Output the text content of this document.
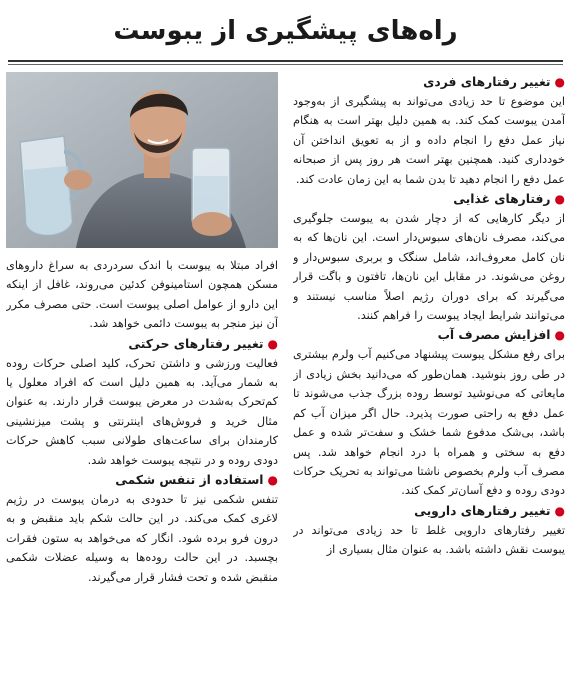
راه‌های پیشگیری از یبوست

●تغییر رفتارهای فردی

این موضوع تا حد زیادی می‌تواند به پیشگیری از به‌وجود آمدن یبوست کمک کند. به همین دلیل بهتر است به هنگام نیاز عمل دفع را انجام داده و از به تعویق انداختن آن خودداری کنید. همچنین بهتر است هر روز پس از صبحانه عمل دفع را انجام دهید تا بدن شما به این زمان عادت کند.

●رفتارهای غذایی

از دیگر کارهایی که از دچار شدن به یبوست جلوگیری می‌کند، مصرف نان‌های سبوس‌دار است. این نان‌ها که به نان کامل معروف‌اند، شامل سنگک و بربری سبوس‌دار و روغن می‌شوند. در مقابل این نان‌ها، تافتون و باگت قرار می‌گیرند که برای دوران رژیم اصلاً مناسب نیستند و می‌توانند شرایط ایجاد یبوست را فراهم کنند.

●افزایش مصرف آب

برای رفع مشکل یبوست پیشنهاد می‌کنیم آب ولرم بیشتری در طی روز بنوشید. همان‌طور که می‌دانید بخش زیادی از مایعاتی که می‌نوشید توسط روده بزرگ جذب می‌شوند تا عمل دفع به راحتی صورت پذیرد. حال اگر میزان آب کم باشد، بی‌شک مدفوع شما خشک و سفت‌تر شده و عمل دفع به سختی و همراه با درد انجام خواهد شد. پس مصرف آب ولرم بخصوص ناشتا می‌تواند به تحریک حرکات دودی روده و دفع آسان‌تر کمک کند.

●تغییر رفتارهای دارویی

تغییر رفتارهای دارویی غلط تا حد زیادی می‌تواند در یبوست نقش داشته باشد. به عنوان مثال بسیاری از

افراد مبتلا به یبوست با اندک سردردی به سراغ داروهای مسکن همچون استامینوفن کدئین می‌روند، غافل از اینکه این دارو از عوامل اصلی یبوست است. حتی مصرف مکرر آن نیز منجر به یبوست دائمی خواهد شد.

●تغییر رفتارهای حرکتی

فعالیت ورزشی و داشتن تحرک، کلید اصلی حرکات روده به شمار می‌آید. به همین دلیل است که افراد معلول یا کم‌تحرک به‌شدت در معرض یبوست قرار دارند. به عنوان مثال خرید و فروش‌های اینترنتی و پشت میزنشینی کارمندان برای ساعت‌های طولانی سبب کاهش حرکات دودی روده و در نتیجه یبوست خواهد شد.

●استفاده از تنفس شکمی

تنفس شکمی نیز تا حدودی به درمان یبوست در رژیم لاغری کمک می‌کند. در این حالت شکم باید منقبض و به درون فرو برده شود. انگار که می‌خواهد به ستون فقرات بچسبد. در این حالت روده‌ها به وسیله عضلات شکمی منقبض شده و تحت فشار قرار می‌گیرند.
